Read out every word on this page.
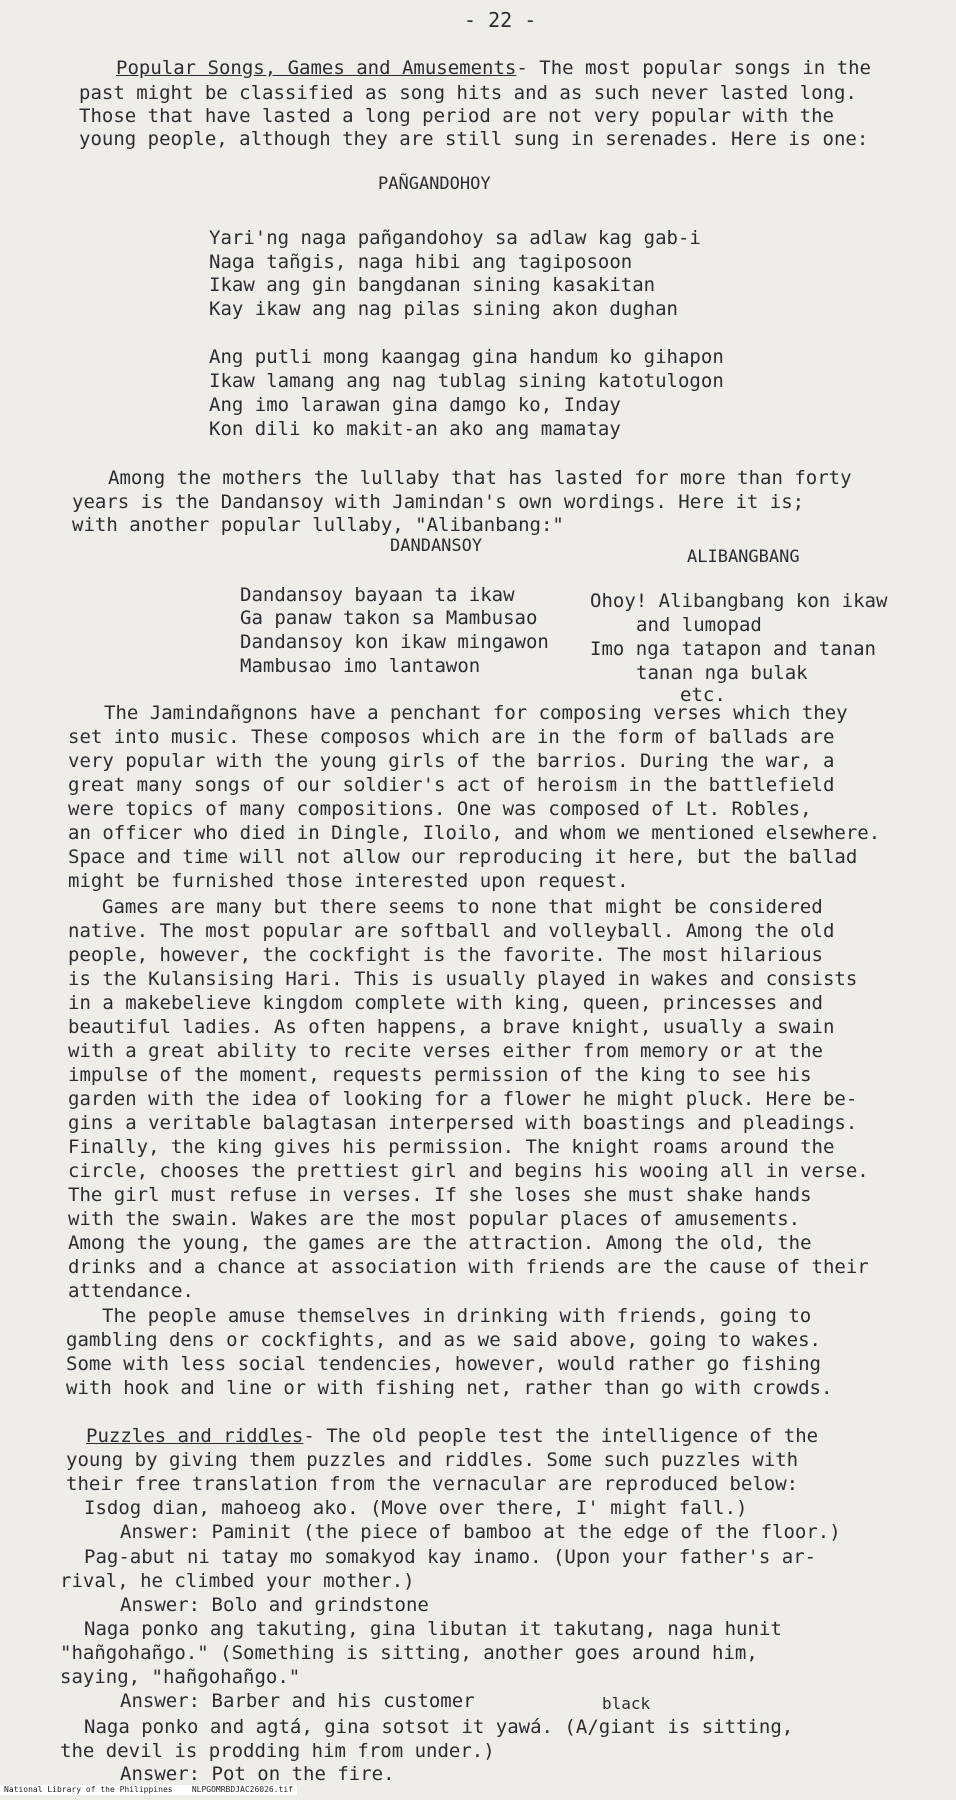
- 22 -
Popular Songs, Games and Amusements- The most popular songs in the
past might be classified as song hits and as such never lasted long.
Those that have lasted a long period are not very popular with the
young people, although they are still sung in serenades. Here is one:
PAÑGANDOHOY
Yari'ng naga pañgandohoy sa adlaw kag gab-i
Naga tañgis, naga hibi ang tagiposoon
Ikaw ang gin bangdanan sining kasakitan
Kay ikaw ang nag pilas sining akon dughan
Ang putli mong kaangag gina handum ko gihapon
Ikaw lamang ang nag tublag sining katotulogon
Ang imo larawan gina damgo ko, Inday
Kon dili ko makit-an ako ang mamatay
Among the mothers the lullaby that has lasted for more than forty
years is the Dandansoy with Jamindan's own wordings. Here it is;
with another popular lullaby, "Alibanbang:"
DANDANSOY
Dandansoy bayaan ta ikaw
Ga panaw takon sa Mambusao
Dandansoy kon ikaw mingawon
Mambusao imo lantawon
ALIBANGBANG
Ohoy! Alibangbang kon ikaw
and lumopad
Imo nga tatapon and tanan
tanan nga bulak
etc.
The Jamindañgnons have a penchant for composing verses which they
set into music. These composos which are in the form of ballads are
very popular with the young girls of the barrios. During the war, a
great many songs of our soldier's act of heroism in the battlefield
were topics of many compositions. One was composed of Lt. Robles,
an officer who died in Dingle, Iloilo, and whom we mentioned elsewhere.
Space and time will not allow our reproducing it here, but the ballad
might be furnished those interested upon request.
Games are many but there seems to none that might be considered
native. The most popular are softball and volleyball. Among the old
people, however, the cockfight is the favorite. The most hilarious
is the Kulansising Hari. This is usually played in wakes and consists
in a makebelieve kingdom complete with king, queen, princesses and
beautiful ladies. As often happens, a brave knight, usually a swain
with a great ability to recite verses either from memory or at the
impulse of the moment, requests permission of the king to see his
garden with the idea of looking for a flower he might pluck. Here be-
gins a veritable balagtasan interpersed with boastings and pleadings.
Finally, the king gives his permission. The knight roams around the
circle, chooses the prettiest girl and begins his wooing all in verse.
The girl must refuse in verses. If she loses she must shake hands
with the swain. Wakes are the most popular places of amusements.
Among the young, the games are the attraction. Among the old, the
drinks and a chance at association with friends are the cause of their
attendance.
The people amuse themselves in drinking with friends, going to
gambling dens or cockfights, and as we said above, going to wakes.
Some with less social tendencies, however, would rather go fishing
with hook and line or with fishing net, rather than go with crowds.
Puzzles and riddles- The old people test the intelligence of the
young by giving them puzzles and riddles. Some such puzzles with
their free translation from the vernacular are reproduced below:
Isdog dian, mahoeog ako. (Move over there, I' might fall.)
Answer: Paminit (the piece of bamboo at the edge of the floor.)
Pag-abut ni tatay mo somakyod kay inamo. (Upon your father's ar-
rival, he climbed your mother.)
Answer: Bolo and grindstone
Naga ponko ang takuting, gina libutan it takutang, naga hunit
"hañgohañgo." (Something is sitting, another goes around him,
saying, "hañgohañgo."
Answer: Barber and his customer	black
Naga ponko and agtá, gina sotsot it yawá. (A/giant is sitting,
the devil is prodding him from under.)
Answer: Pot on the fire.
National Library of the Philippines    NLPGOMRBDJAC26026.tif
